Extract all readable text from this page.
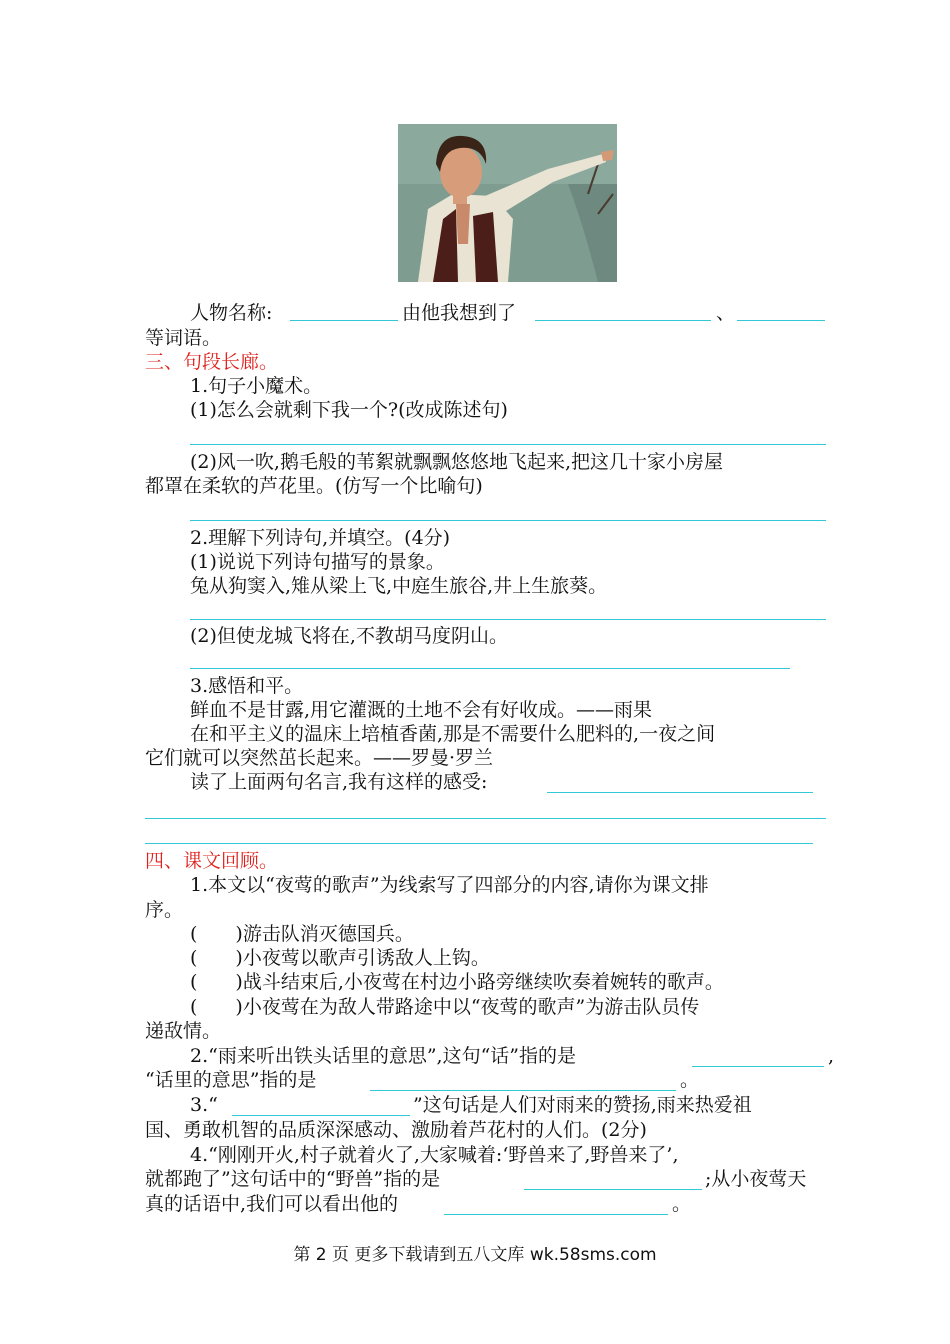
人物名称:	由他我想到了	、
等词语。
三、句段长廊。
1.句子小魔术。
(1)怎么会就剩下我一个?(改成陈述句)
(2)风一吹,鹅毛般的苇絮就飘飘悠悠地飞起来,把这几十家小房屋
都罩在柔软的芦花里。(仿写一个比喻句)
2.理解下列诗句,并填空。(4分)
(1)说说下列诗句描写的景象。
兔从狗窦入,雉从梁上飞,中庭生旅谷,井上生旅葵。
(2)但使龙城飞将在,不教胡马度阴山。
3.感悟和平。
鲜血不是甘露,用它灌溉的土地不会有好收成。——雨果
在和平主义的温床上培植香菌,那是不需要什么肥料的,一夜之间
它们就可以突然茁长起来。——罗曼·罗兰
读了上面两句名言,我有这样的感受:
四、课文回顾。
1.本文以“夜莺的歌声”为线索写了四部分的内容,请你为课文排
序。
(　　)游击队消灭德国兵。
(　　)小夜莺以歌声引诱敌人上钩。
(　　)战斗结束后,小夜莺在村边小路旁继续吹奏着婉转的歌声。
(　　)小夜莺在为敌人带路途中以“夜莺的歌声”为游击队员传
递敌情。
2.“雨来听出铁头话里的意思”,这句“话”指的是	,
“话里的意思”指的是	。
3.“	”这句话是人们对雨来的赞扬,雨来热爱祖
国、勇敢机智的品质深深感动、激励着芦花村的人们。(2分)
4.“刚刚开火,村子就着火了,大家喊着:‘野兽来了,野兽来了’,
就都跑了”这句话中的“野兽”指的是	;从小夜莺天
真的话语中,我们可以看出他的	。
第 2 页 更多下载请到五八文库 wk.58sms.com
